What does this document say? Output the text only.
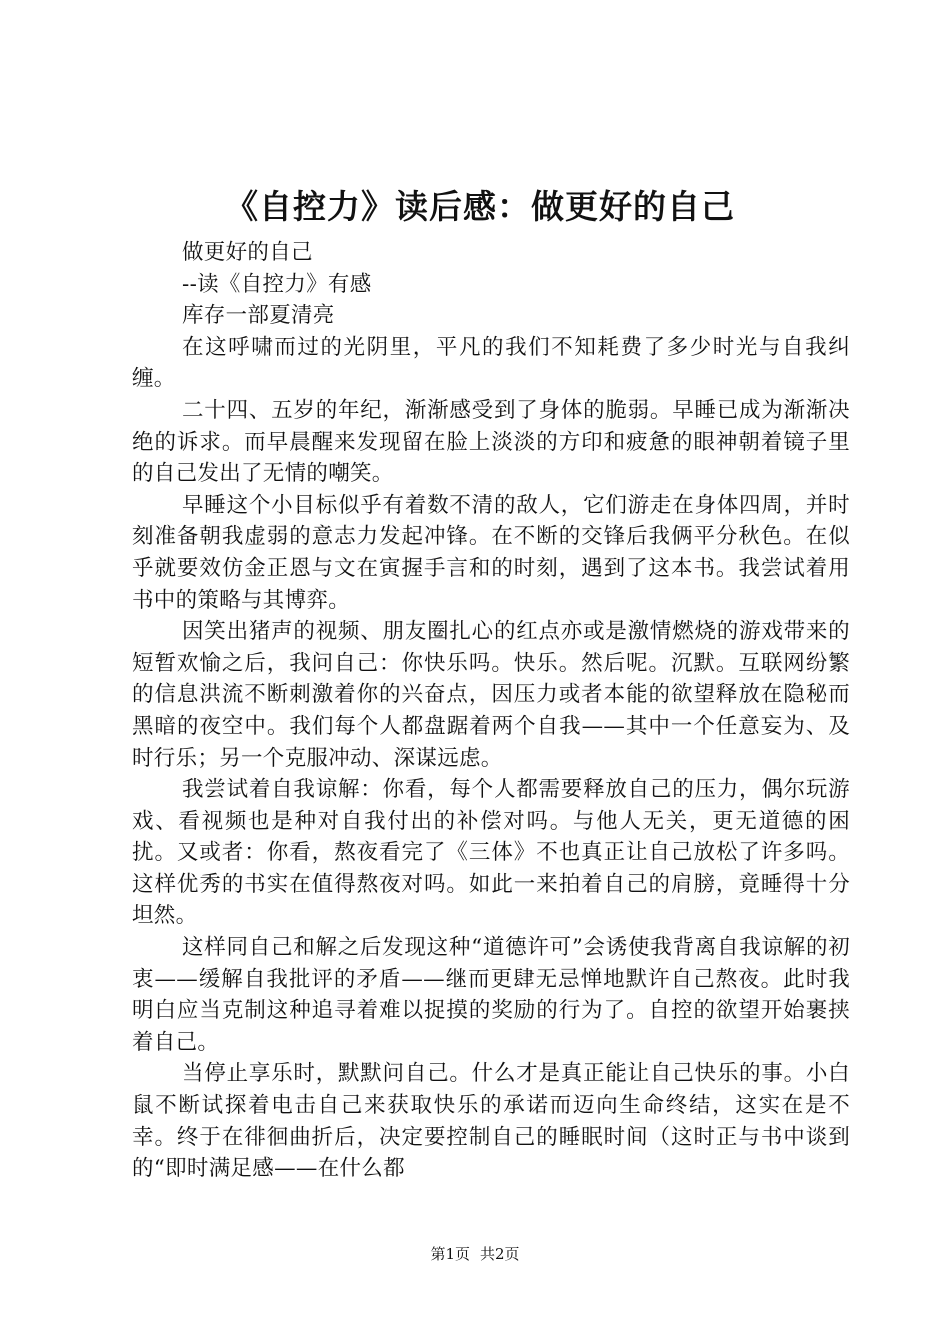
《自控力》读后感：做更好的自己

做更好的自己

--读《自控力》有感

库存一部夏清亮

在这呼啸而过的光阴里，平凡的我们不知耗费了多少时光与自我纠缠。

二十四、五岁的年纪，渐渐感受到了身体的脆弱。早睡已成为渐渐决绝的诉求。而早晨醒来发现留在脸上淡淡的方印和疲惫的眼神朝着镜子里的自己发出了无情的嘲笑。

早睡这个小目标似乎有着数不清的敌人，它们游走在身体四周，并时刻准备朝我虚弱的意志力发起冲锋。在不断的交锋后我俩平分秋色。在似乎就要效仿金正恩与文在寅握手言和的时刻，遇到了这本书。我尝试着用书中的策略与其博弈。

因笑出猪声的视频、朋友圈扎心的红点亦或是激情燃烧的游戏带来的短暂欢愉之后，我问自己：你快乐吗。快乐。然后呢。沉默。互联网纷繁的信息洪流不断刺激着你的兴奋点，因压力或者本能的欲望释放在隐秘而黑暗的夜空中。我们每个人都盘踞着两个自我——其中一个任意妄为、及时行乐；另一个克服冲动、深谋远虑。

我尝试着自我谅解：你看，每个人都需要释放自己的压力，偶尔玩游戏、看视频也是种对自我付出的补偿对吗。与他人无关，更无道德的困扰。又或者：你看，熬夜看完了《三体》不也真正让自己放松了许多吗。这样优秀的书实在值得熬夜对吗。如此一来拍着自己的肩膀，竟睡得十分坦然。

这样同自己和解之后发现这种“道德许可”会诱使我背离自我谅解的初衷——缓解自我批评的矛盾——继而更肆无忌惮地默许自己熬夜。此时我明白应当克制这种追寻着难以捉摸的奖励的行为了。自控的欲望开始裹挟着自己。

当停止享乐时，默默问自己。什么才是真正能让自己快乐的事。小白鼠不断试探着电击自己来获取快乐的承诺而迈向生命终结，这实在是不幸。终于在徘徊曲折后，决定要控制自己的睡眠时间（这时正与书中谈到的“即时满足感——在什么都

第1页 共2页
